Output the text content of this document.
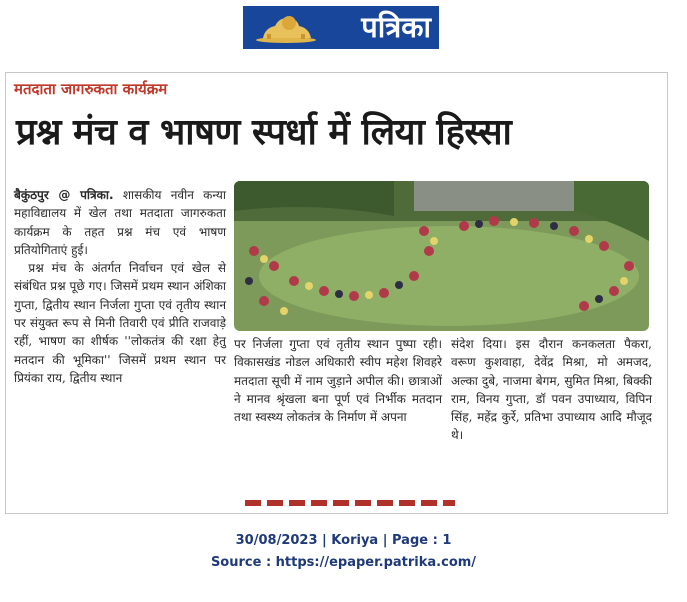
पत्रिका
मतदाता जागरुकता कार्यक्रम
प्रश्न मंच व भाषण स्पर्धा में लिया हिस्सा

बैकुंठपुर @ पत्रिका. शासकीय नवीन कन्या महाविद्यालय में खेल तथा मतदाता जागरुकता कार्यक्रम के तहत प्रश्न मंच एवं भाषण प्रतियोगिताएं हुई।

प्रश्न मंच के अंतर्गत निर्वाचन एवं खेल से संबंधित प्रश्न पूछे गए। जिसमें प्रथम स्थान अंशिका गुप्ता, द्वितीय स्थान निर्जला गुप्ता एवं तृतीय स्थान पर संयुक्त रूप से मिनी तिवारी एवं प्रीति राजवाड़े रहीं, भाषण का शीर्षक ''लोकतंत्र की रक्षा हेतु मतदान की भूमिका'' जिसमें प्रथम स्थान पर प्रियंका राय, द्वितीय स्थान

पर निर्जला गुप्ता एवं तृतीय स्थान पुष्पा रही। विकासखंड नोडल अधिकारी स्वीप महेश शिवहरे मतदाता सूची में नाम जुड़ाने अपील की। छात्राओं ने मानव श्रृंखला बना पूर्ण एवं निर्भीक मतदान तथा स्वस्थ्य लोकतंत्र के निर्माण में अपना
संदेश दिया। इस दौरान कनकलता पैकरा, वरूण कुशवाहा, देवेंद्र मिश्रा, मो अमजद, अल्का दुबे, नाजमा बेगम, सुमित मिश्रा, बिक्की राम, विनय गुप्ता, डॉ पवन उपाध्याय, विपिन सिंह, महेंद्र कुर्रे, प्रतिभा उपाध्याय आदि मौजूद थे।
30/08/2023 | Koriya | Page : 1
Source : https://epaper.patrika.com/
